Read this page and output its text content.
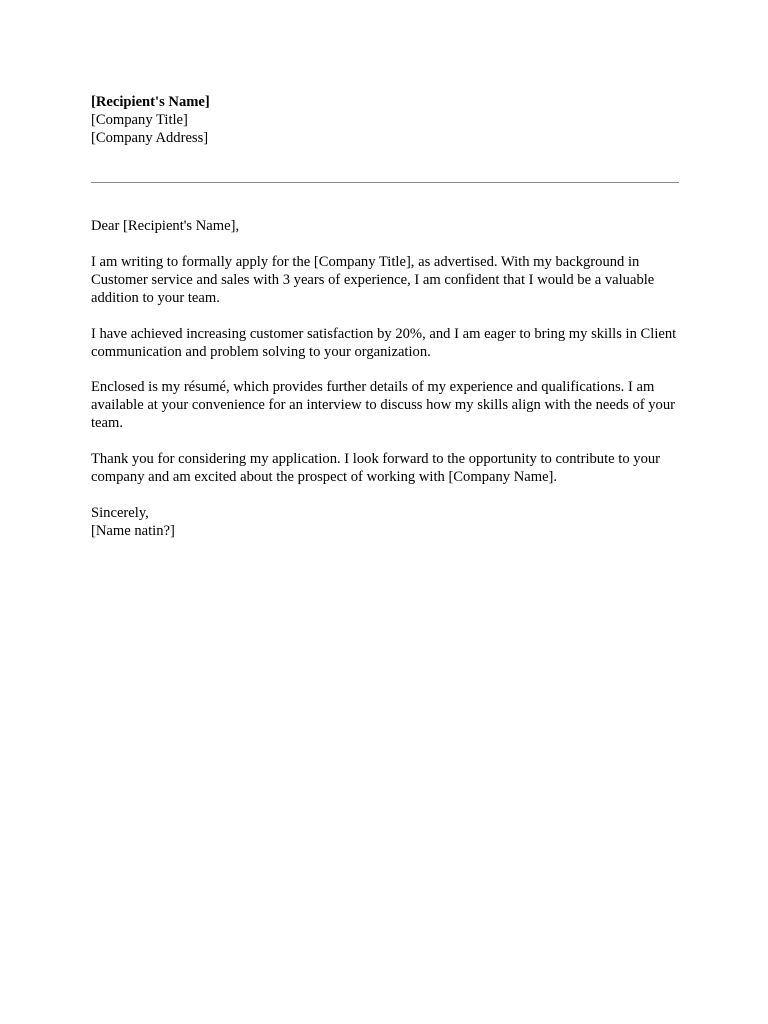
[Recipient's Name]
[Company Title]
[Company Address]

Dear [Recipient's Name],

I am writing to formally apply for the [Company Title], as advertised. With my background in Customer service and sales with 3 years of experience, I am confident that I would be a valuable addition to your team.

I have achieved increasing customer satisfaction by 20%, and I am eager to bring my skills in Client communication and problem solving to your organization.

Enclosed is my résumé, which provides further details of my experience and qualifications. I am available at your convenience for an interview to discuss how my skills align with the needs of your team.

Thank you for considering my application. I look forward to the opportunity to contribute to your company and am excited about the prospect of working with [Company Name].

Sincerely,
[Name natin?]
